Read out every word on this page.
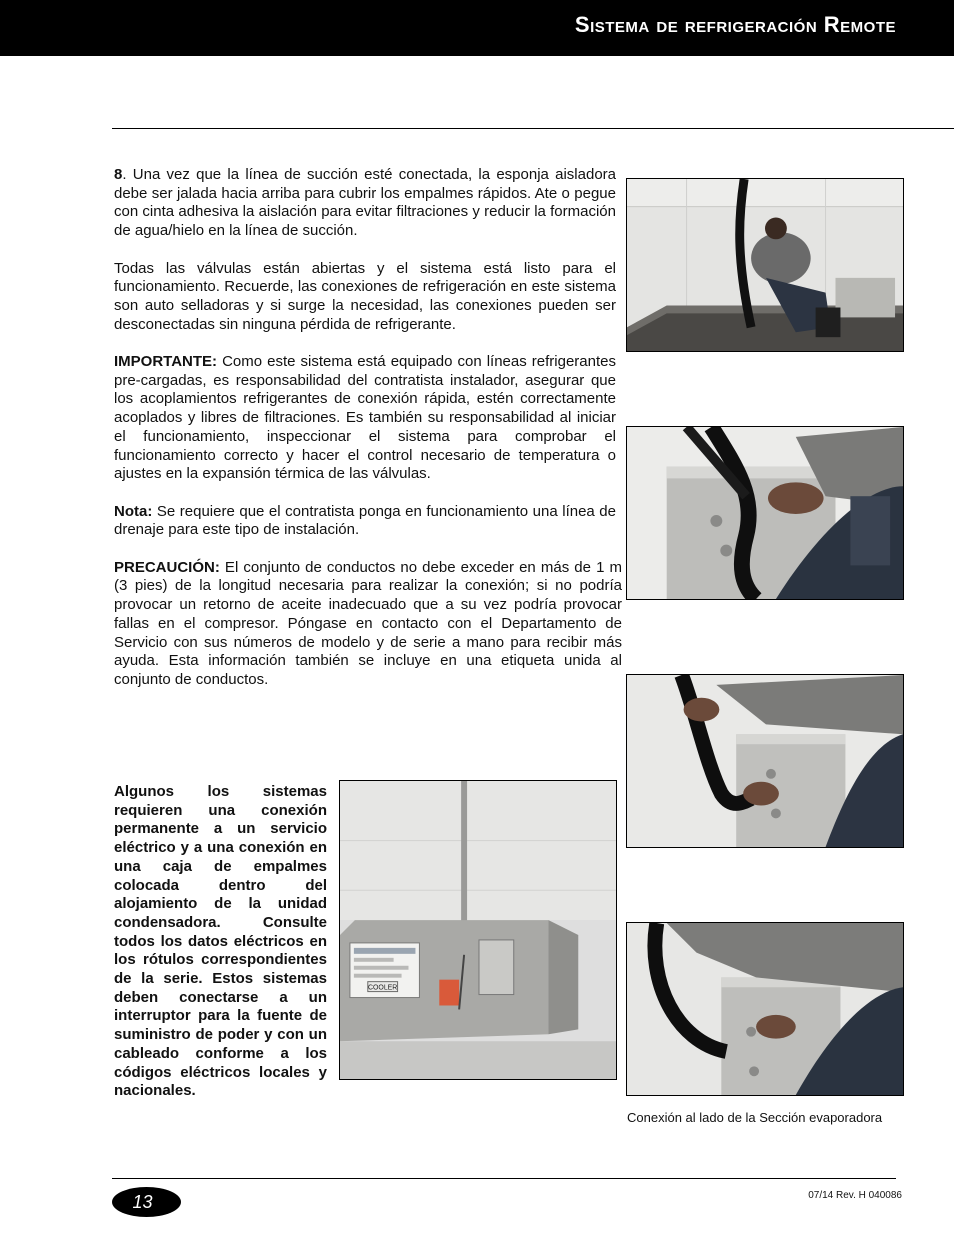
Sistema de refrigeración Remote

8. Una vez que la línea de succión esté conectada, la esponja aisladora debe ser jalada hacia arriba para cubrir los empalmes rápidos. Ate o pegue con cinta adhesiva la aislación para evitar filtraciones y reducir la formación de agua/hielo en la línea de succión.

Todas las válvulas están abiertas y el sistema está listo para el funcionamiento. Recuerde, las conexiones de refrigeración en este sistema son auto selladoras y si surge la necesidad, las conexiones pueden ser desconectadas sin ninguna pérdida de refrigerante.

IMPORTANTE: Como este sistema está equipado con líneas refrigerantes pre-cargadas, es responsabilidad del contratista instalador, asegurar que los acoplamientos refrigerantes de conexión rápida, estén correctamente acoplados y libres de filtraciones. Es también su responsabilidad al iniciar el funcionamiento, inspeccionar el sistema para comprobar el funcionamiento correcto y hacer el control necesario de temperatura o ajustes en la expansión térmica de las válvulas.

Nota: Se requiere que el contratista ponga en funcionamiento una línea de drenaje para este tipo de instalación.

PRECAUCIÓN: El conjunto de conductos no debe exceder en más de 1 m (3 pies) de la longitud necesaria para realizar la conexión; si no podría provocar un retorno de aceite inadecuado que a su vez podría provocar fallas en el compresor. Póngase en contacto con el Departamento de Servicio con sus números de modelo y de serie a mano para recibir más ayuda. Esta información también se incluye en una etiqueta unida al conjunto de conductos.

Algunos los sistemas requieren una conexión permanente a un servicio eléctrico y a una conexión en una caja de empalmes colocada dentro del alojamiento de la unidad condensadora. Consulte todos los datos eléctricos en los rótulos correspondientes de la serie. Estos sistemas deben conectarse a un interruptor para la fuente de suministro de poder y con un cableado conforme a los códigos eléctricos locales y nacionales.
COOLER
Conexión al lado de la Sección evaporadora
13	07/14 Rev. H 040086
